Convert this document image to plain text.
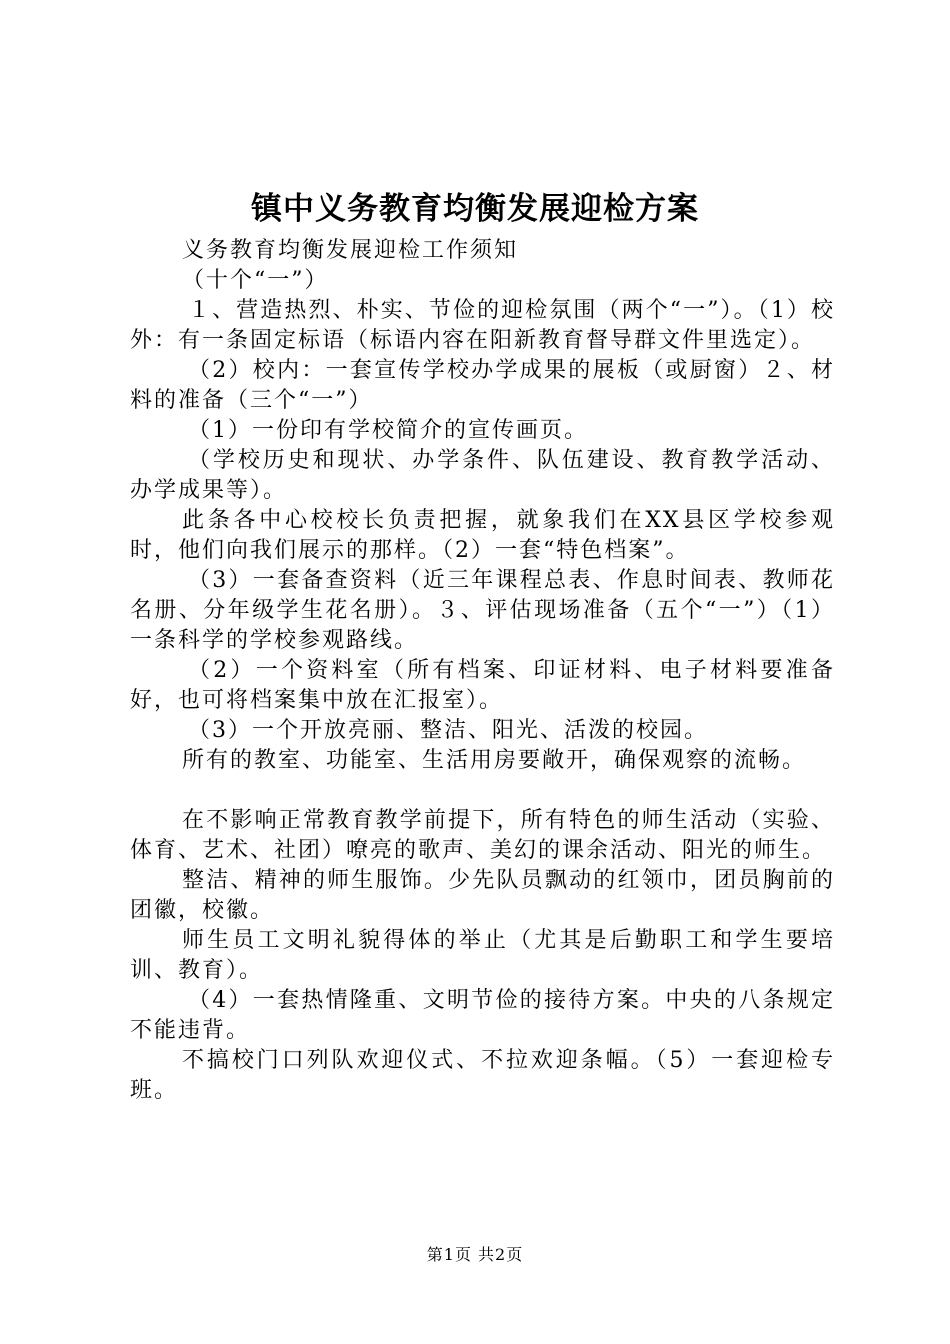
镇中义务教育均衡发展迎检方案

义务教育均衡发展迎检工作须知

（十个“一”）

１、营造热烈、朴实、节俭的迎检氛围（两个“一”）。（1）校外：有一条固定标语（标语内容在阳新教育督导群文件里选定）。

（2）校内：一套宣传学校办学成果的展板（或厨窗）２、材料的准备（三个“一”）

（1）一份印有学校简介的宣传画页。

（学校历史和现状、办学条件、队伍建设、教育教学活动、办学成果等）。

此条各中心校校长负责把握，就象我们在XX县区学校参观时，他们向我们展示的那样。（2）一套“特色档案”。

（3）一套备查资料（近三年课程总表、作息时间表、教师花名册、分年级学生花名册）。３、评估现场准备（五个“一”）（1）一条科学的学校参观路线。

（2）一个资料室（所有档案、印证材料、电子材料要准备好，也可将档案集中放在汇报室）。

（3）一个开放亮丽、整洁、阳光、活泼的校园。

所有的教室、功能室、生活用房要敞开，确保观察的流畅。

在不影响正常教育教学前提下，所有特色的师生活动（实验、体育、艺术、社团）嘹亮的歌声、美幻的课余活动、阳光的师生。

整洁、精神的师生服饰。少先队员飘动的红领巾，团员胸前的团徽，校徽。

师生员工文明礼貌得体的举止（尤其是后勤职工和学生要培训、教育）。

（4）一套热情隆重、文明节俭的接待方案。中央的八条规定不能违背。

不搞校门口列队欢迎仪式、不拉欢迎条幅。（5）一套迎检专班。

第1页 共2页
